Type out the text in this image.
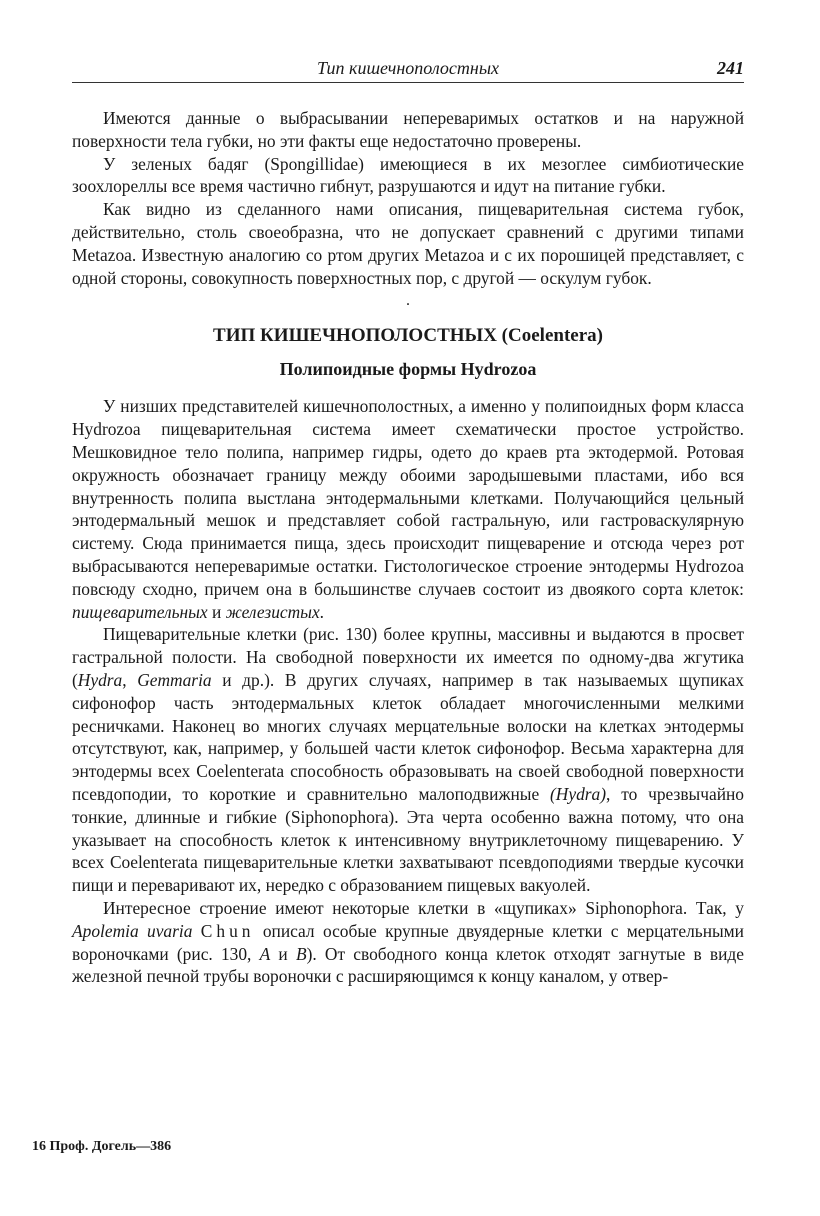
Тип кишечнополостных	241

Имеются данные о выбрасывании непереваримых остатков и на наружной поверхности тела губки, но эти факты еще недостаточно проверены.

У зеленых бадяг (Spongillidae) имеющиеся в их мезоглее симбиотические зоохлореллы все время частично гибнут, разрушаются и идут на питание губки.

Как видно из сделанного нами описания, пищеварительная система губок, действительно, столь своеобразна, что не допускает сравнений с другими типами Metazoa. Известную аналогию со ртом других Metazoa и с их порошицей представляет, с одной стороны, совокупность поверхностных пор, с другой — оскулум губок.

.
ТИП КИШЕЧНОПОЛОСТНЫХ (Coelentera)
Полипоидные формы Hydrozoa

У низших представителей кишечнополостных, а именно у полипоидных форм класса Hydrozoa пищеварительная система имеет схематически простое устройство. Мешковидное тело полипа, например гидры, одето до краев рта эктодермой. Ротовая окружность обозначает границу между обоими зародышевыми пластами, ибо вся внутренность полипа выстлана энтодермальными клетками. Получающийся цельный энтодермальный мешок и представляет собой гастральную, или гастроваскулярную систему. Сюда принимается пища, здесь происходит пищеварение и отсюда через рот выбрасываются непереваримые остатки. Гистологическое строение энтодермы Hydrozoa повсюду сходно, причем она в большинстве случаев состоит из двоякого сорта клеток: пищеварительных и железистых.

Пищеварительные клетки (рис. 130) более крупны, массивны и выдаются в просвет гастральной полости. На свободной поверхности их имеется по одному-два жгутика (Hydra, Gemmaria и др.). В других случаях, например в так называемых щупиках сифонофор часть энтодермальных клеток обладает многочисленными мелкими ресничками. Наконец во многих случаях мерцательные волоски на клетках энтодермы отсутствуют, как, например, у большей части клеток сифонофор. Весьма характерна для энтодермы всех Coelenterata способность образовывать на своей свободной поверхности псевдоподии, то короткие и сравнительно малоподвижные (Hydra), то чрезвычайно тонкие, длинные и гибкие (Siphonophora). Эта черта особенно важна потому, что она указывает на способность клеток к интенсивному внутриклеточному пищеварению. У всех Coelenterata пищеварительные клетки захватывают псевдоподиями твердые кусочки пищи и переваривают их, нередко с образованием пищевых вакуолей.

Интересное строение имеют некоторые клетки в «щупиках» Siphonophora. Так, у Apolemia uvaria Chun описал особые крупные двуядерные клетки с мерцательными вороночками (рис. 130, А и В). От свободного конца клеток отходят загнутые в виде железной печной трубы вороночки с расширяющимся к концу каналом, у отвер-

16 Проф. Догель—386
